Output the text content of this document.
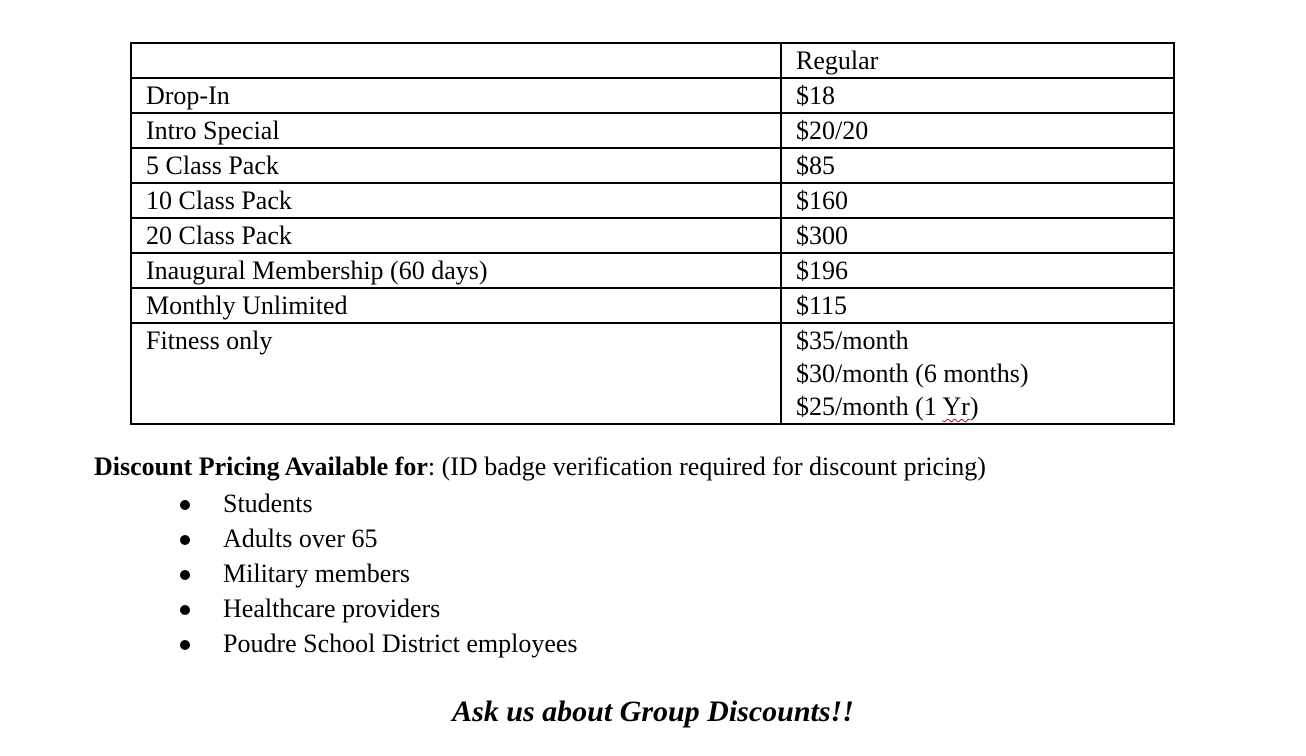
	Regular
Drop-In	$18
Intro Special	$20/20
5 Class Pack	$85
10 Class Pack	$160
20 Class Pack	$300
Inaugural Membership (60 days)	$196
Monthly Unlimited	$115
Fitness only	$35/month
$30/month (6 months)
$25/month (1 Yr)

Discount Pricing Available for: (ID badge verification required for discount pricing)

Students
Adults over 65
Military members
Healthcare providers
Poudre School District employees
Ask us about Group Discounts!!
